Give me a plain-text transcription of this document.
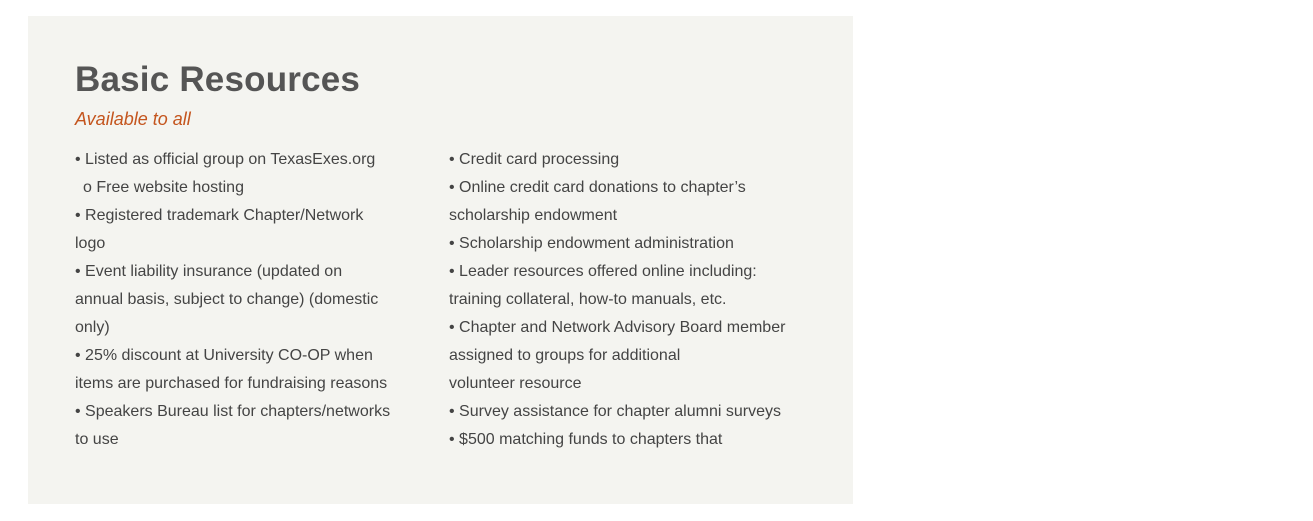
Basic Resources
Available to all
• Listed as official group on TexasExes.org
o Free website hosting
• Registered trademark Chapter/Network
logo
• Event liability insurance (updated on
annual basis, subject to change) (domestic
only)
• 25% discount at University CO-OP when
items are purchased for fundraising reasons
• Speakers Bureau list for chapters/networks
to use
• Credit card processing
• Online credit card donations to chapter’s
scholarship endowment
• Scholarship endowment administration
• Leader resources offered online including:
training collateral, how-to manuals, etc.
• Chapter and Network Advisory Board member
assigned to groups for additional
volunteer resource
• Survey assistance for chapter alumni surveys
• $500 matching funds to chapters that
